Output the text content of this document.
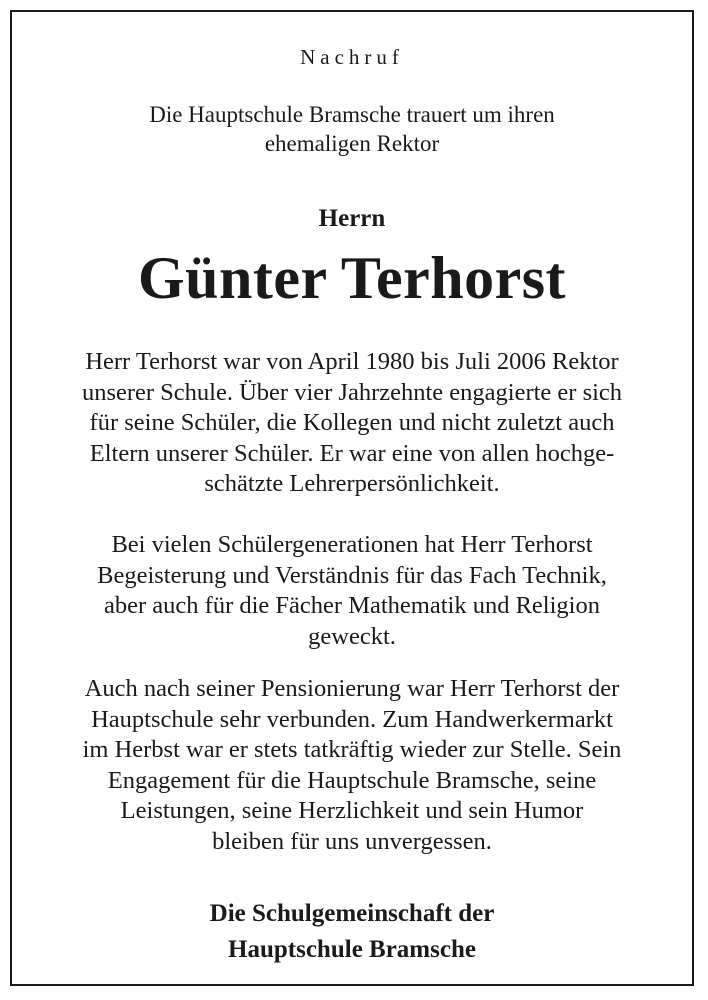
Nachruf
Die Hauptschule Bramsche trauert um ihren
ehemaligen Rektor
Herrn
Günter Terhorst
Herr Terhorst war von April 1980 bis Juli 2006 Rektor
unserer Schule. Über vier Jahrzehnte engagierte er sich
für seine Schüler, die Kollegen und nicht zuletzt auch
Eltern unserer Schüler. Er war eine von allen hochge-
schätzte Lehrerpersönlichkeit.
Bei vielen Schülergenerationen hat Herr Terhorst
Begeisterung und Verständnis für das Fach Technik,
aber auch für die Fächer Mathematik und Religion
geweckt.
Auch nach seiner Pensionierung war Herr Terhorst der
Hauptschule sehr verbunden. Zum Handwerkermarkt
im Herbst war er stets tatkräftig wieder zur Stelle. Sein
Engagement für die Hauptschule Bramsche, seine
Leistungen, seine Herzlichkeit und sein Humor
bleiben für uns unvergessen.
Die Schulgemeinschaft der
Hauptschule Bramsche
